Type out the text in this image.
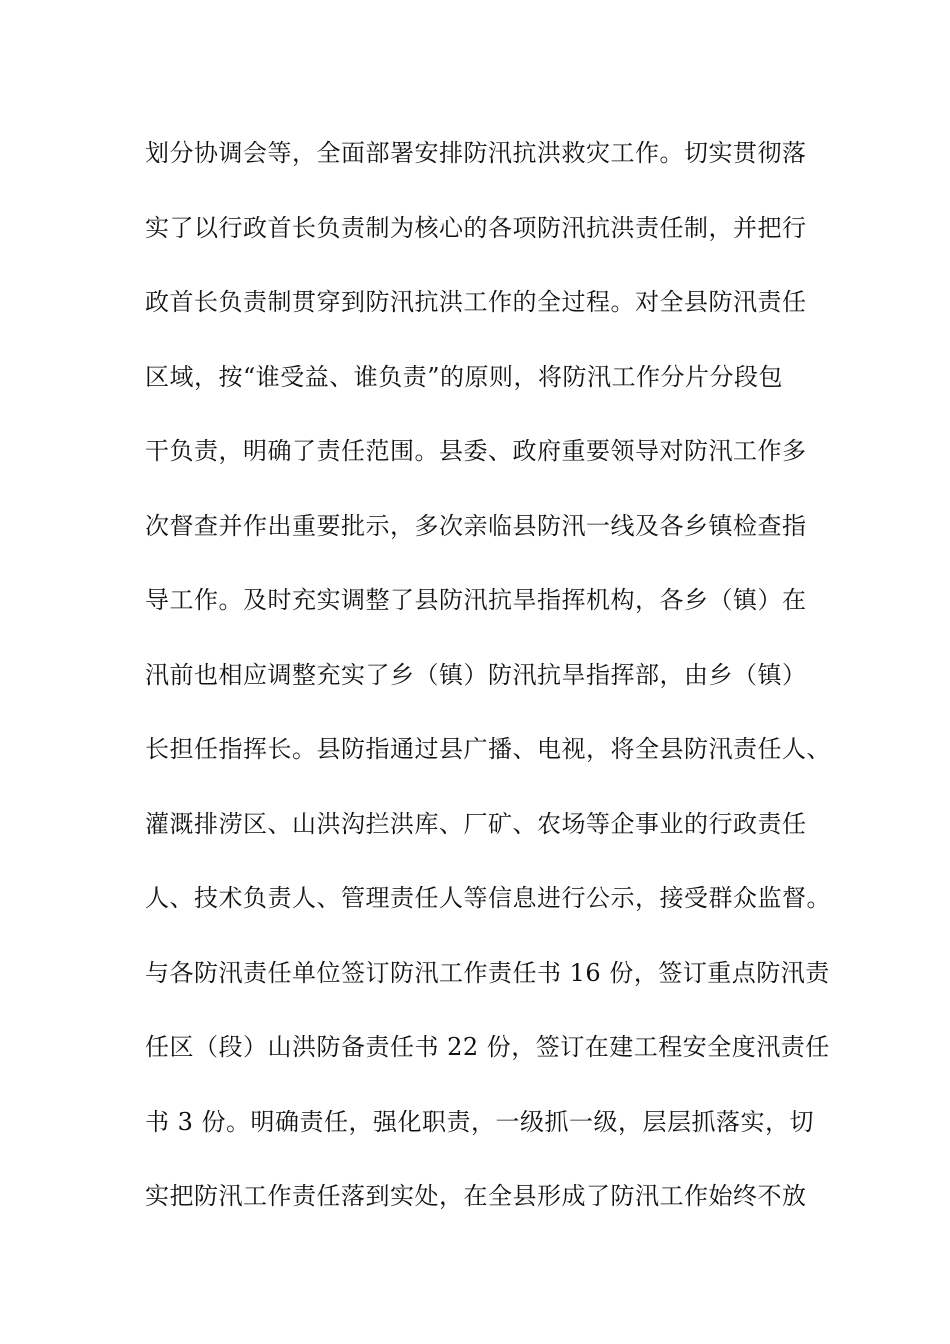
划分协调会等，全面部署安排防汛抗洪救灾工作。切实贯彻落
实了以行政首长负责制为核心的各项防汛抗洪责任制，并把行
政首长负责制贯穿到防汛抗洪工作的全过程。对全县防汛责任
区域，按“谁受益、谁负责”的原则，将防汛工作分片分段包
干负责，明确了责任范围。县委、政府重要领导对防汛工作多
次督查并作出重要批示，多次亲临县防汛一线及各乡镇检查指
导工作。及时充实调整了县防汛抗旱指挥机构，各乡（镇）在
汛前也相应调整充实了乡（镇）防汛抗旱指挥部，由乡（镇）
长担任指挥长。县防指通过县广播、电视，将全县防汛责任人、
灌溉排涝区、山洪沟拦洪库、厂矿、农场等企事业的行政责任
人、技术负责人、管理责任人等信息进行公示，接受群众监督。
与各防汛责任单位签订防汛工作责任书 16 份，签订重点防汛责
任区（段）山洪防备责任书 22 份，签订在建工程安全度汛责任
书 3 份。明确责任，强化职责，一级抓一级，层层抓落实，切
实把防汛工作责任落到实处，在全县形成了防汛工作始终不放
